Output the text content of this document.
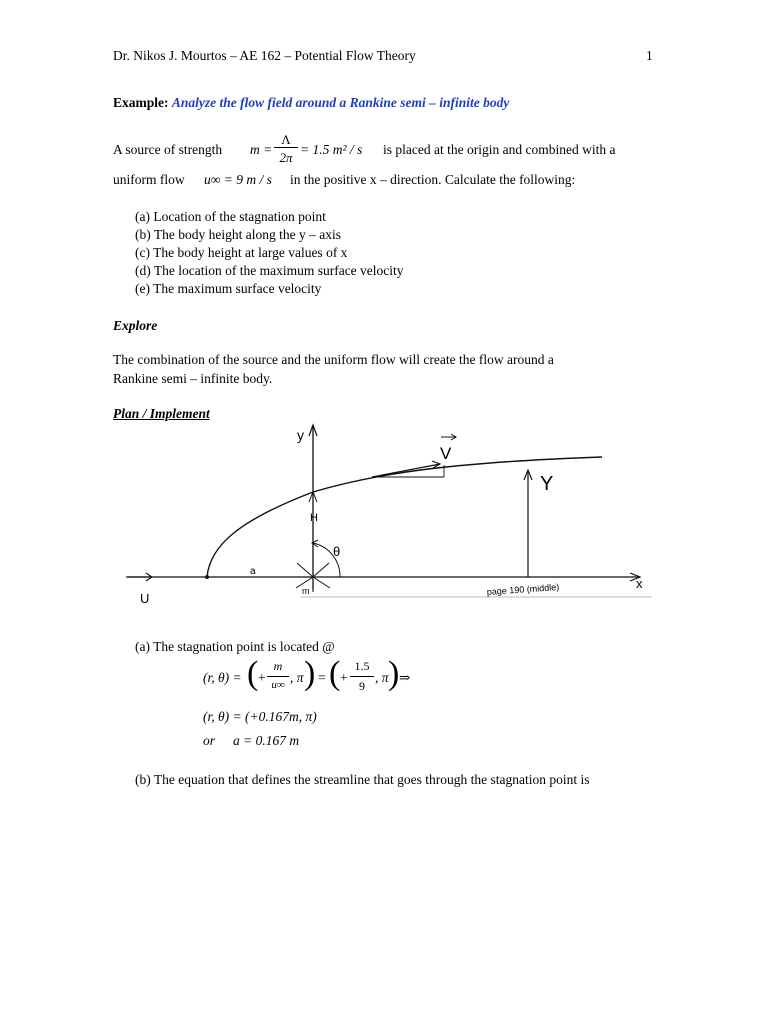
Dr. Nikos J. Mourtos – AE 162 – Potential Flow Theory	1
Example: Analyze the flow field around a Rankine semi – infinite body
A source of strength m =
Λ
2π
= 1.5 m² / s is placed at the origin and combined with a
uniform flow u∞ = 9 m / s in the positive x – direction. Calculate the following:
(a) Location of the stagnation point
(b) The body height along the y – axis
(c) The body height at large values of x
(d) The location of the maximum surface velocity
(e) The maximum surface velocity
Explore
The combination of the source and the uniform flow will create the flow around a
Rankine semi – infinite body.
Plan / Implement
x
U
y
a
H
Y
θ
m
V
page 190 (middle)
(a) The stagnation point is located @
(r, θ) = ( +
m
u∞ , π ) = ( +
1.5
9
, π ) ⇒
(r, θ) = (+0.167m, π)
or a = 0.167 m
(b) The equation that defines the streamline that goes through the stagnation point is
